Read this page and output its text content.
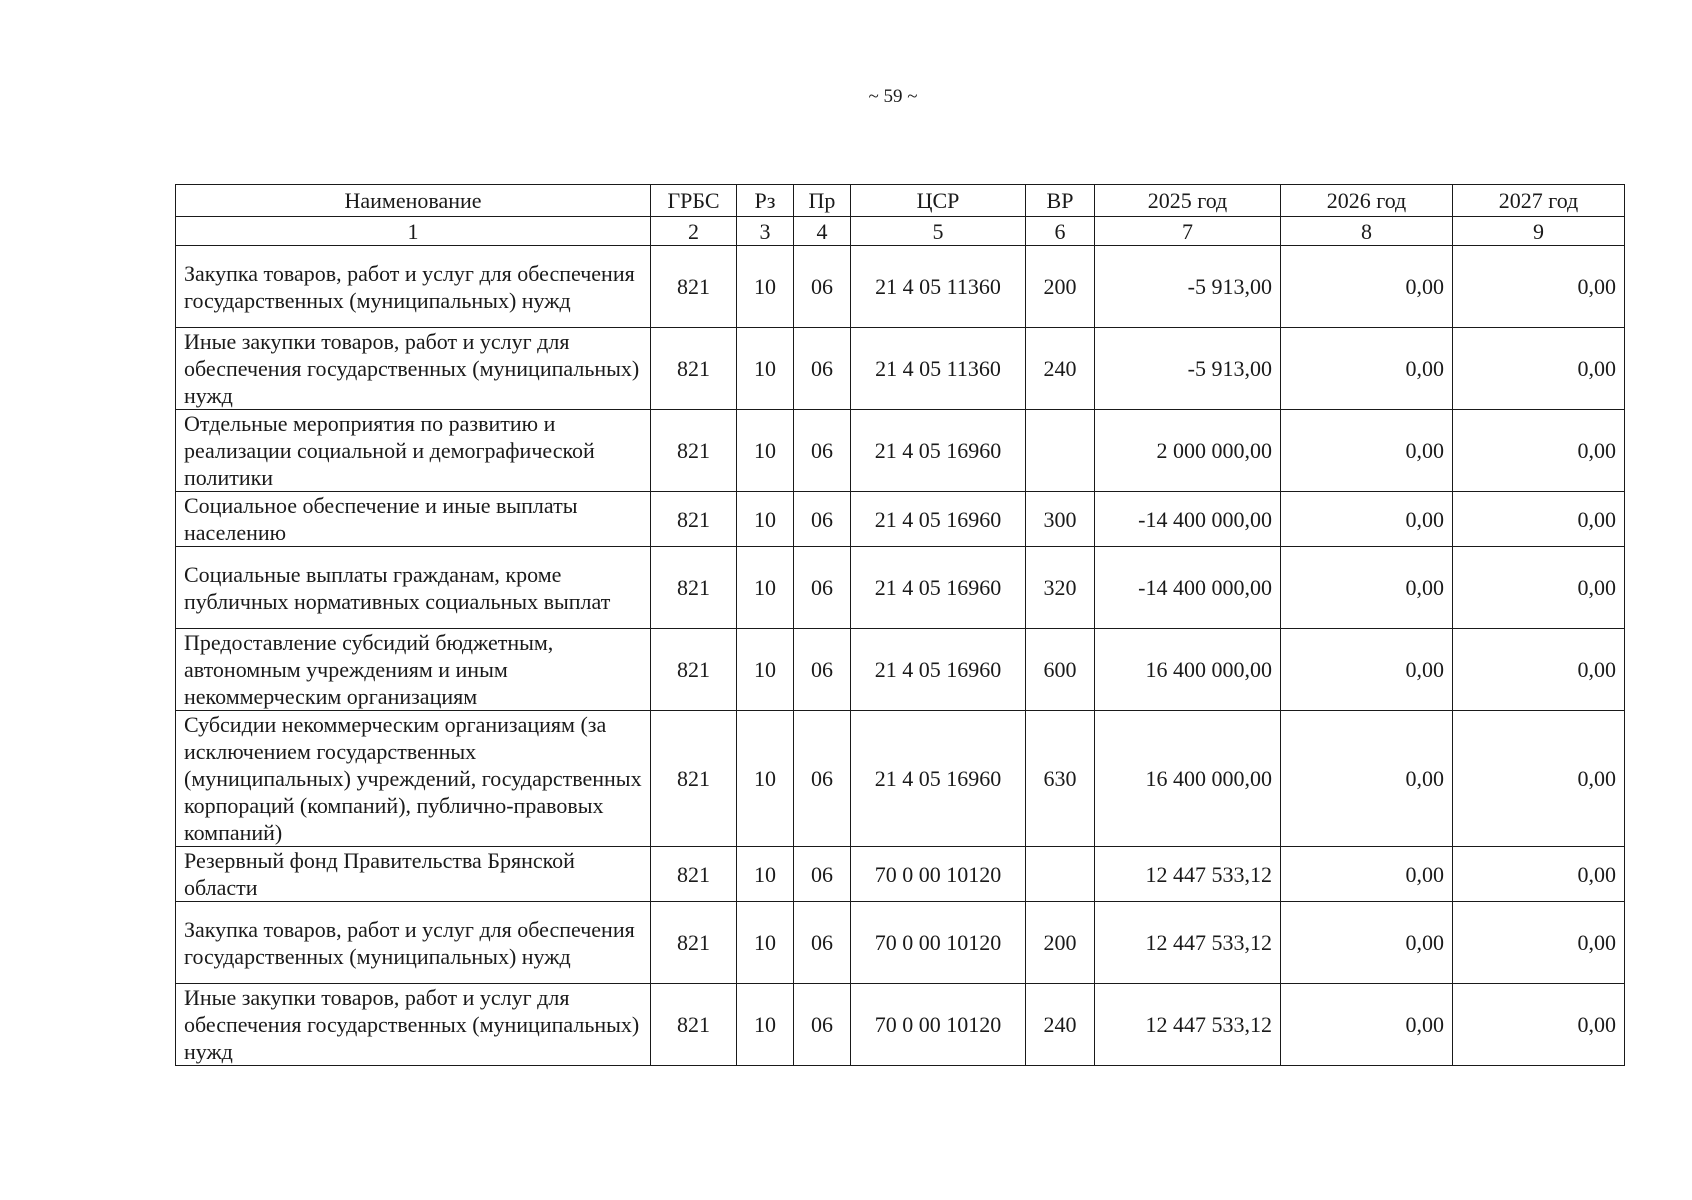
~ 59 ~
Наименование	ГРБС	Рз	Пр	ЦСР	ВР	2025 год	2026 год	2027 год
1	2	3	4	5	6	7	8	9
Закупка товаров, работ и услуг для обеспечения государственных (муниципальных) нужд	821	10	06	21 4 05 11360	200	-5 913,00	0,00	0,00
Иные закупки товаров, работ и услуг для обеспечения государственных (муниципальных) нужд	821	10	06	21 4 05 11360	240	-5 913,00	0,00	0,00
Отдельные мероприятия по развитию и реализации социальной и демографической политики	821	10	06	21 4 05 16960		2 000 000,00	0,00	0,00
Социальное обеспечение и иные выплаты населению	821	10	06	21 4 05 16960	300	-14 400 000,00	0,00	0,00
Социальные выплаты гражданам, кроме публичных нормативных социальных выплат	821	10	06	21 4 05 16960	320	-14 400 000,00	0,00	0,00
Предоставление субсидий бюджетным, автономным учреждениям и иным некоммерческим организациям	821	10	06	21 4 05 16960	600	16 400 000,00	0,00	0,00
Субсидии некоммерческим организациям (за исключением государственных (муниципальных) учреждений, государственных корпораций (компаний), публично-правовых компаний)	821	10	06	21 4 05 16960	630	16 400 000,00	0,00	0,00
Резервный фонд Правительства Брянской области	821	10	06	70 0 00 10120		12 447 533,12	0,00	0,00
Закупка товаров, работ и услуг для обеспечения государственных (муниципальных) нужд	821	10	06	70 0 00 10120	200	12 447 533,12	0,00	0,00
Иные закупки товаров, работ и услуг для обеспечения государственных (муниципальных) нужд	821	10	06	70 0 00 10120	240	12 447 533,12	0,00	0,00
